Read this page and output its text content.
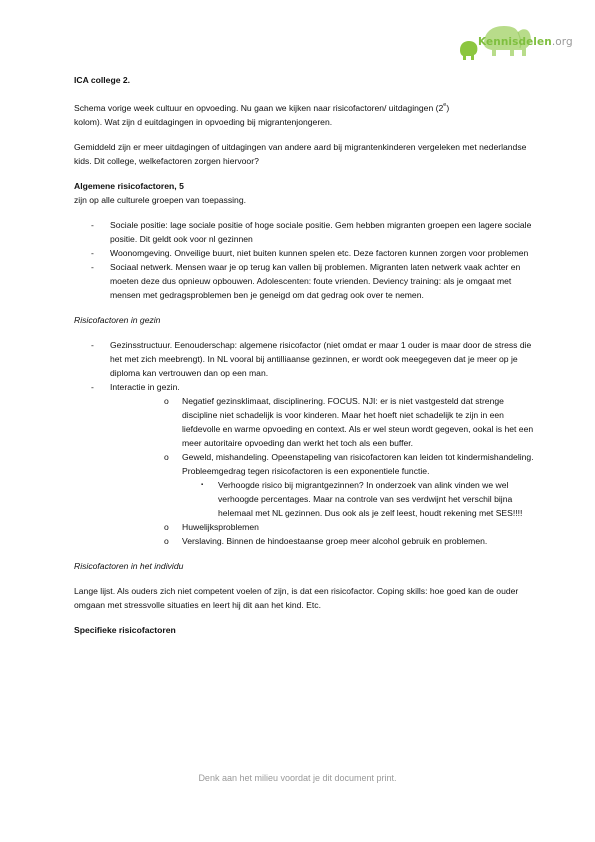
Kennisdelen.org

ICA college 2.

Schema vorige week cultuur en opvoeding. Nu gaan we kijken naar risicofactoren/ uitdagingen (2e)
kolom). Wat zijn d euitdagingen in opvoeding bij migrantenjongeren.

Gemiddeld zijn er meer uitdagingen of uitdagingen van andere aard bij migrantenkinderen vergeleken met nederlandse kids. Dit college, welkefactoren zorgen hiervoor?

Algemene risicofactoren, 5

zijn op alle culturele groepen van toepassing.

- Sociale positie: lage sociale positie of hoge sociale positie. Gem hebben migranten groepen een lagere sociale positie. Dit geldt ook voor nl gezinnen

- Woonomgeving. Onveilige buurt, niet buiten kunnen spelen etc. Deze factoren kunnen zorgen voor problemen

- Sociaal netwerk. Mensen waar je op terug kan vallen bij problemen. Migranten laten netwerk vaak achter en moeten deze dus opnieuw opbouwen. Adolescenten: foute vrienden. Deviency training: als je omgaat met mensen met gedragsproblemen ben je geneigd om dat gedrag ook over te nemen.

Risicofactoren in gezin

- Gezinsstructuur. Eenouderschap: algemene risicofactor (niet omdat er maar 1 ouder is maar door de stress die het met zich meebrengt). In NL vooral bij antilliaanse gezinnen, er wordt ook meegegeven dat je meer op je diploma kan vertrouwen dan op een man.

- Interactie in gezin.

o Negatief gezinsklimaat, disciplinering. FOCUS. NJI: er is niet vastgesteld dat strenge discipline niet schadelijk is voor kinderen. Maar het hoeft niet schadelijk te zijn in een liefdevolle en warme opvoeding en context. Als er wel steun wordt gegeven, ookal is het een meer autoritaire opvoeding dan werkt het toch als een buffer.

o Geweld, mishandeling. Opeenstapeling van risicofactoren kan leiden tot kindermishandeling. Probleemgedrag tegen risicofactoren is een exponentiele functie.

▪ Verhoogde risico bij migrantgezinnen? In onderzoek van alink vinden we wel verhoogde percentages. Maar na controle van ses verdwijnt het verschil bijna helemaal met NL gezinnen. Dus ook als je zelf leest, houdt rekening met SES!!!!

o Huwelijksproblemen

o Verslaving. Binnen de hindoestaanse groep meer alcohol gebruik en problemen.

Risicofactoren in het individu

Lange lijst. Als ouders zich niet competent voelen of zijn, is dat een risicofactor. Coping skills: hoe goed kan de ouder omgaan met stressvolle situaties en leert hij dit aan het kind. Etc.

Specifieke risicofactoren

Denk aan het milieu voordat je dit document print.
